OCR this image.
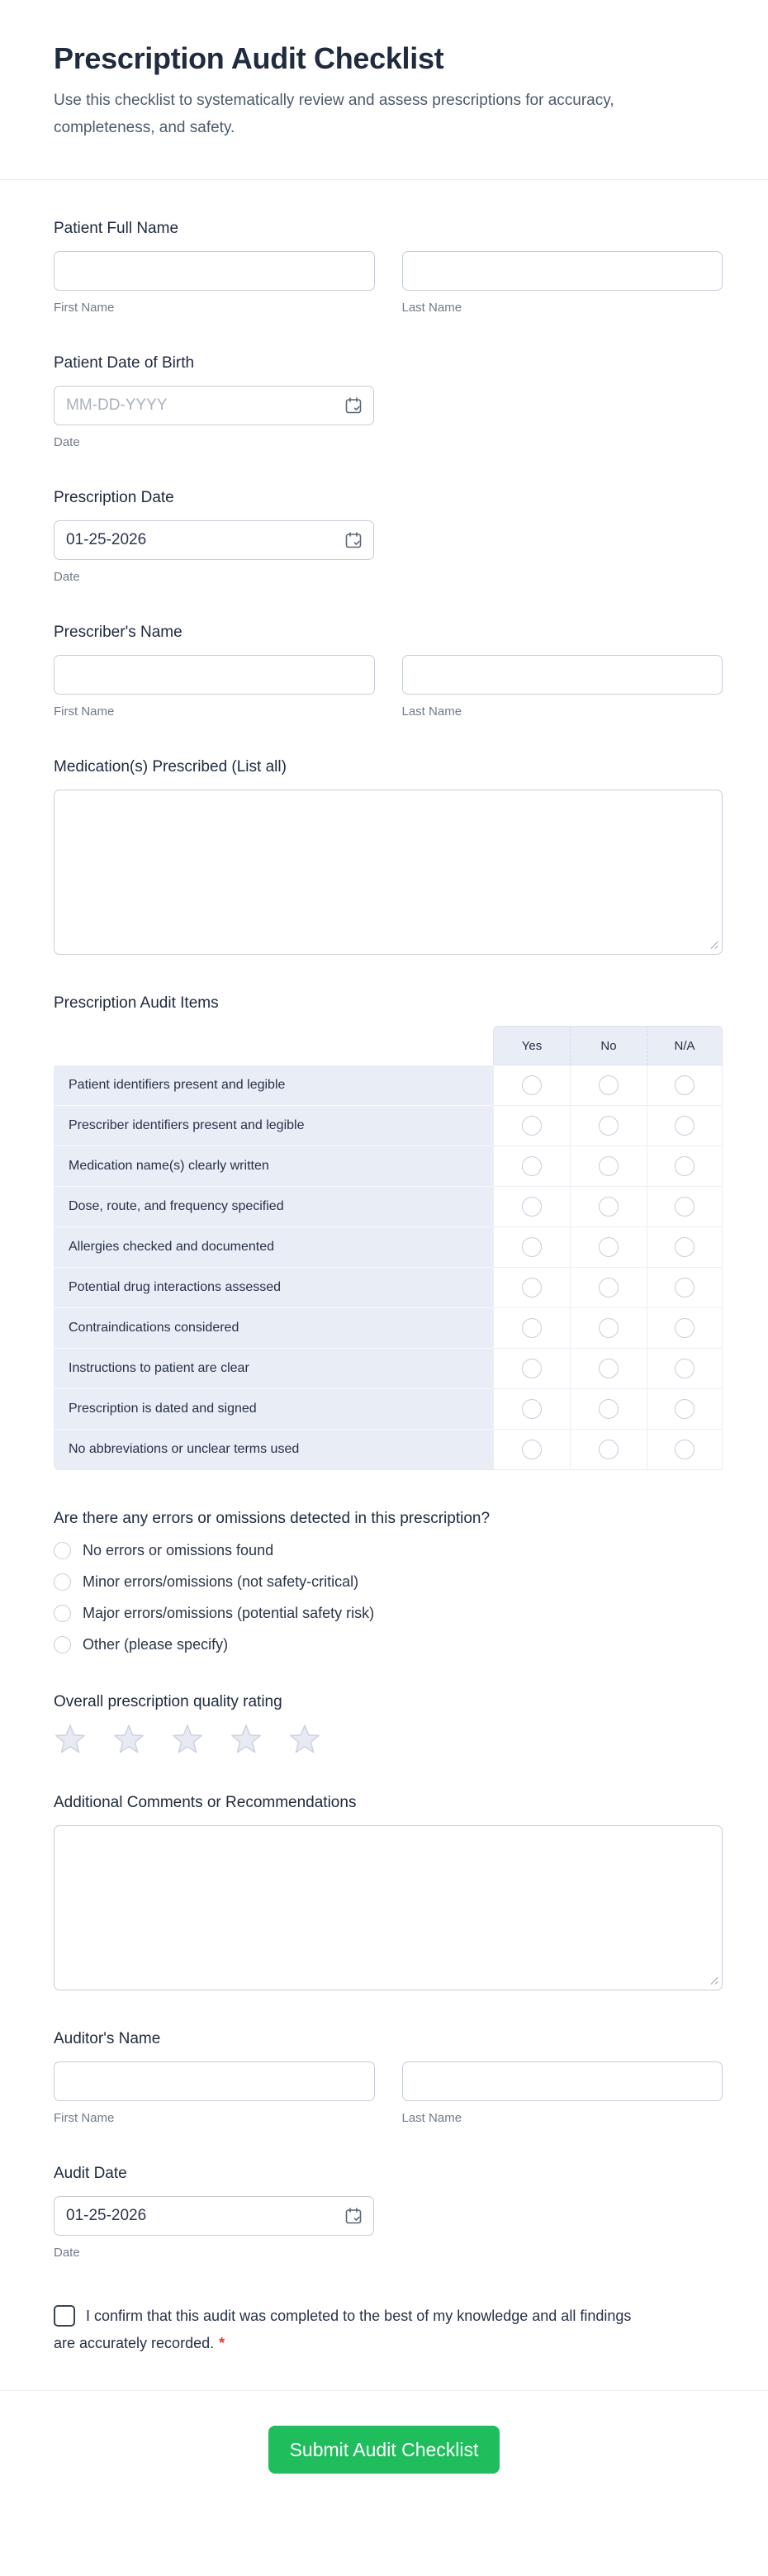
Prescription Audit Checklist

Use this checklist to systematically review and assess prescriptions for accuracy, completeness, and safety.

Patient Full Name
First Name	Last Name
Patient Date of Birth
MM-DD-YYYY
Date
Prescription Date
01-25-2026
Date
Prescriber's Name
First Name	Last Name
Medication(s) Prescribed (List all)
Prescription Audit Items
Yes	No	N/A
Patient identifiers present and legible
Prescriber identifiers present and legible
Medication name(s) clearly written
Dose, route, and frequency specified
Allergies checked and documented
Potential drug interactions assessed
Contraindications considered
Instructions to patient are clear
Prescription is dated and signed
No abbreviations or unclear terms used
Are there any errors or omissions detected in this prescription?
No errors or omissions found
Minor errors/omissions (not safety-critical)
Major errors/omissions (potential safety risk)
Other (please specify)
Overall prescription quality rating
Additional Comments or Recommendations
Auditor's Name
First Name	Last Name
Audit Date
01-25-2026
Date
I confirm that this audit was completed to the best of my knowledge and all findings are accurately recorded. *
Submit Audit Checklist
